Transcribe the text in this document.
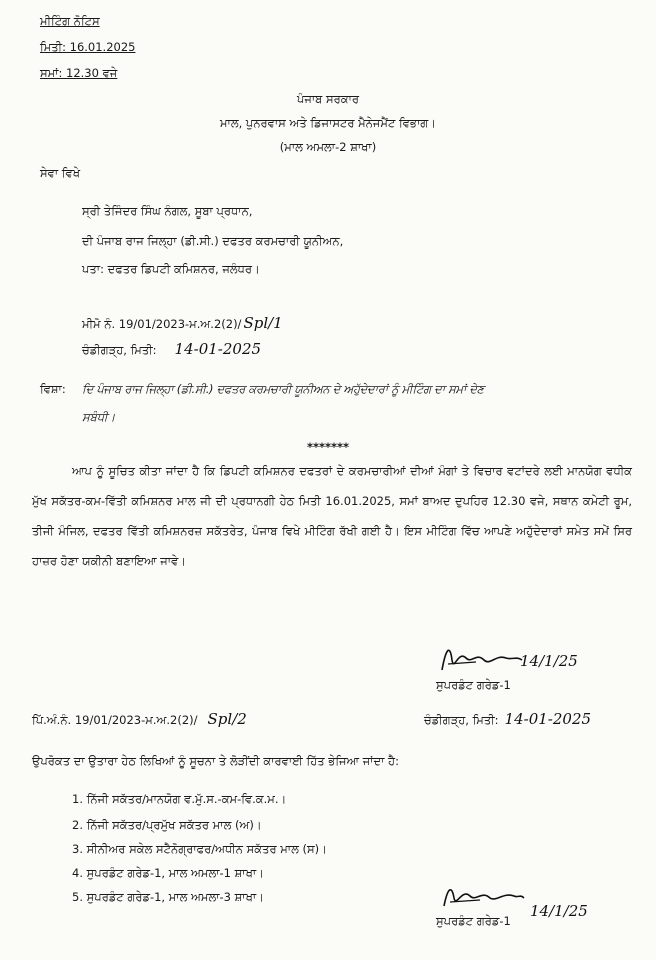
ਮੀਟਿੰਗ ਨੋਟਿਸ
ਮਿਤੀ: 16.01.2025
ਸਮਾਂ: 12.30 ਵਜੇ
ਪੰਜਾਬ ਸਰਕਾਰ
ਮਾਲ, ਪੁਨਰਵਾਸ ਅਤੇ ਡਿਜਾਸਟਰ ਮੈਨੇਜਮੈਂਟ ਵਿਭਾਗ।
(ਮਾਲ ਅਮਲਾ-2 ਸ਼ਾਖਾ)
ਸੇਵਾ ਵਿਖੇ
ਸ੍ਰੀ ਤੇਜਿੰਦਰ ਸਿੰਘ ਨੰਗਲ, ਸੂਬਾ ਪ੍ਰਧਾਨ,
ਦੀ ਪੰਜਾਬ ਰਾਜ ਜਿਲ੍ਹਾ (ਡੀ.ਸੀ.) ਦਫਤਰ ਕਰਮਚਾਰੀ ਯੂਨੀਅਨ,
ਪਤਾ: ਦਫਤਰ ਡਿਪਟੀ ਕਮਿਸ਼ਨਰ, ਜਲੰਧਰ।
ਮੀਮੋ ਨੰ. 19/01/2023-ਮ.ਅ.2(2)/ Spl/1
ਚੰਡੀਗੜ੍ਹ, ਮਿਤੀ: 14-01-2025
ਵਿਸ਼ਾ: ਦਿ ਪੰਜਾਬ ਰਾਜ ਜਿਲ੍ਹਾ (ਡੀ.ਸੀ.) ਦਫਤਰ ਕਰਮਚਾਰੀ ਯੂਨੀਅਨ ਦੇ ਅਹੁੱਦੇਦਾਰਾਂ ਨੂੰ ਮੀਟਿੰਗ ਦਾ ਸਮਾਂ ਦੇਣ
ਸਬੰਧੀ।
*******
ਆਪ ਨੂੰ ਸੂਚਿਤ ਕੀਤਾ ਜਾਂਦਾ ਹੈ ਕਿ ਡਿਪਟੀ ਕਮਿਸ਼ਨਰ ਦਫਤਰਾਂ ਦੇ ਕਰਮਚਾਰੀਆਂ ਦੀਆਂ ਮੰਗਾਂ ਤੇ ਵਿਚਾਰ ਵਟਾਂਦਰੇ ਲਈ ਮਾਨਯੋਗ ਵਧੀਕ ਮੁੱਖ ਸਕੱਤਰ-ਕਮ-ਵਿੱਤੀ ਕਮਿਸ਼ਨਰ ਮਾਲ ਜੀ ਦੀ ਪ੍ਰਧਾਨਗੀ ਹੇਠ ਮਿਤੀ 16.01.2025, ਸਮਾਂ ਬਾਅਦ ਦੁਪਹਿਰ 12.30 ਵਜੇ, ਸਥਾਨ ਕਮੇਟੀ ਰੂਮ, ਤੀਜੀ ਮੰਜਿਲ, ਦਫਤਰ ਵਿੱਤੀ ਕਮਿਸ਼ਨਰਜ਼ ਸਕੱਤਰੇਤ, ਪੰਜਾਬ ਵਿਖੇ ਮੀਟਿੰਗ ਰੱਖੀ ਗਈ ਹੈ। ਇਸ ਮੀਟਿੰਗ ਵਿੱਚ ਆਪਣੇ ਅਹੁੱਦੇਦਾਰਾਂ ਸਮੇਤ ਸਮੇਂ ਸਿਰ ਹਾਜ਼ਰ ਹੋਣਾ ਯਕੀਨੀ ਬਣਾਇਆ ਜਾਵੇ।
14/1/25
ਸੁਪਰਡੰਟ ਗਰੇਡ-1
ਪਿੱ.ਅੰ.ਨੰ. 19/01/2023-ਮ.ਅ.2(2)/ Spl/2	ਚੰਡੀਗੜ੍ਹ, ਮਿਤੀ: 14-01-2025
ਉਪਰੋਕਤ ਦਾ ਉਤਾਰਾ ਹੇਠ ਲਿਖਿਆਂ ਨੂੰ ਸੂਚਨਾ ਤੇ ਲੋੜੀਂਦੀ ਕਾਰਵਾਈ ਹਿੱਤ ਭੇਜਿਆ ਜਾਂਦਾ ਹੈ:
1. ਨਿੱਜੀ ਸਕੱਤਰ/ਮਾਨਯੋਗ ਵ.ਮੁੱ.ਸ.-ਕਮ-ਵਿ.ਕ.ਮ.।
2. ਨਿੱਜੀ ਸਕੱਤਰ/ਪ੍ਰਮੁੱਖ ਸਕੱਤਰ ਮਾਲ (ਅ)।
3. ਸੀਨੀਅਰ ਸਕੇਲ ਸਟੈਨੋਗ੍ਰਾਫਰ/ਅਧੀਨ ਸਕੱਤਰ ਮਾਲ (ਸ)।
4. ਸੁਪਰਡੰਟ ਗਰੇਡ-1, ਮਾਲ ਅਮਲਾ-1 ਸ਼ਾਖਾ।
5. ਸੁਪਰਡੰਟ ਗਰੇਡ-1, ਮਾਲ ਅਮਲਾ-3 ਸ਼ਾਖਾ।
14/1/25
ਸੁਪਰਡੰਟ ਗਰੇਡ-1
